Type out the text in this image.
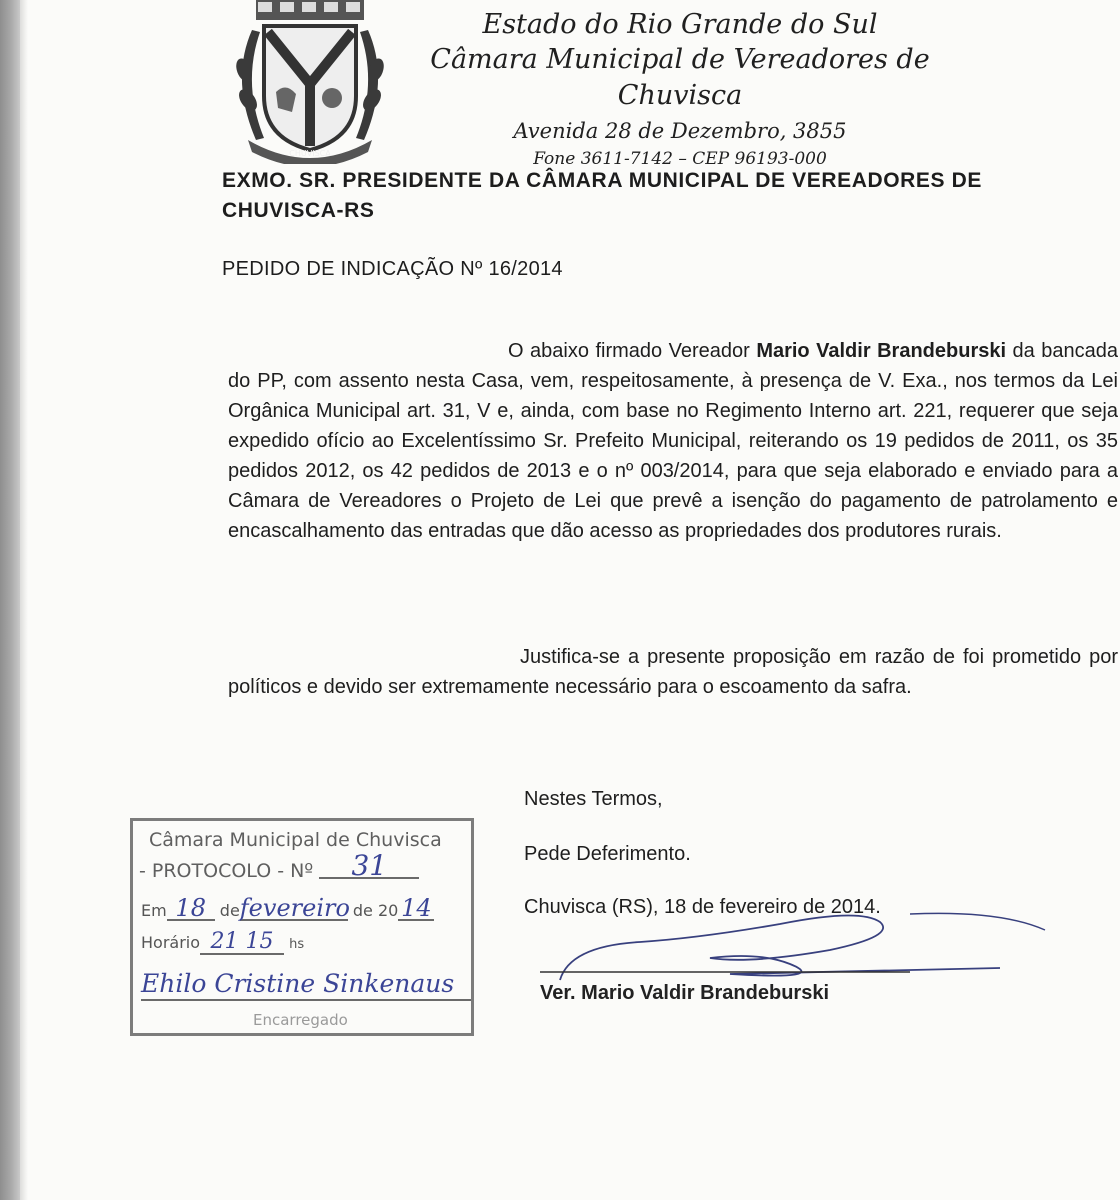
CHUVISCA
Estado do Rio Grande do Sul
Câmara Municipal de Vereadores de Chuvisca
Avenida 28 de Dezembro, 3855
Fone 3611-7142 – CEP 96193-000
EXMO. SR. PRESIDENTE DA CÂMARA MUNICIPAL DE VEREADORES DE
CHUVISCA-RS
PEDIDO DE INDICAÇÃO Nº 16/2014
O abaixo firmado Vereador Mario Valdir Brandeburski da bancada do PP, com assento nesta Casa, vem, respeitosamente, à presença de V. Exa., nos termos da Lei Orgânica Municipal art. 31, V e, ainda, com base no Regimento Interno art. 221, requerer que seja expedido ofício ao Excelentíssimo Sr. Prefeito Municipal, reiterando os 19 pedidos de 2011, os 35 pedidos 2012, os 42 pedidos de 2013 e o nº 003/2014, para que seja elaborado e enviado para a Câmara de Vereadores o Projeto de Lei que prevê a isenção do pagamento de patrolamento e encascalhamento das entradas que dão acesso as propriedades dos produtores rurais.
Justifica-se a presente proposição em razão de foi prometido por políticos e devido ser extremamente necessário para o escoamento da safra.
Nestes Termos,
Pede Deferimento.
Chuvisca (RS), 18 de fevereiro de 2014.
Ver. Mario Valdir Brandeburski
Câmara Municipal de Chuvisca
- PROTOCOLO - Nº 31
Em 18 defevereiro de 20 14
Horário 21 15 hs
Ehilo Cristine Sinkenaus
Encarregado
